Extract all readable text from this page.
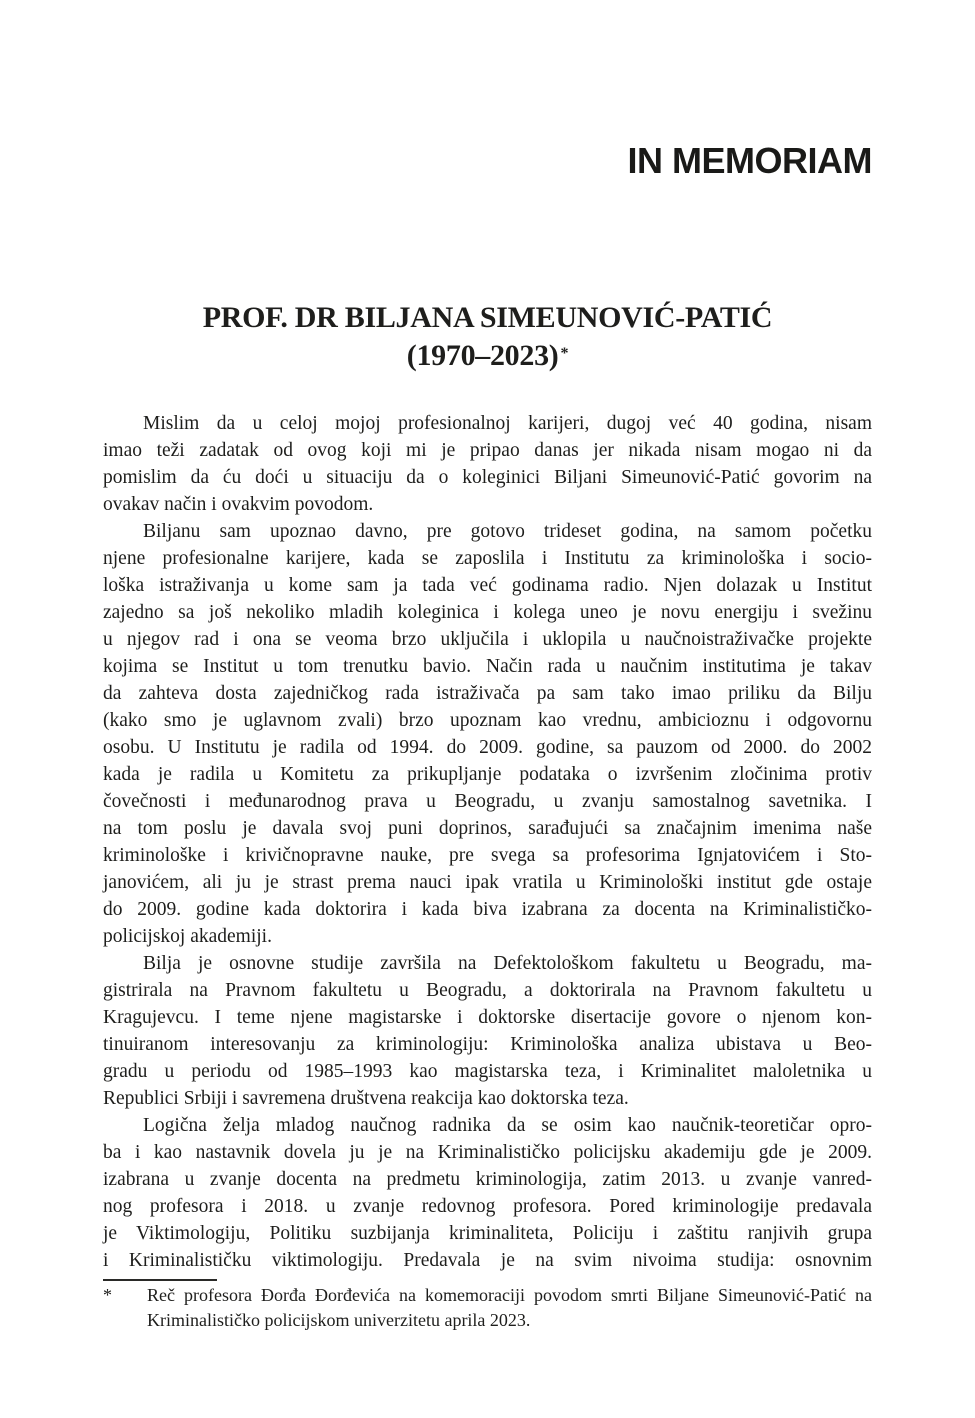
IN MEMORIAM
PROF. DR BILJANA SIMEUNOVIĆ-PATIĆ
(1970–2023) *
Mislim da u celoj mojoj profesionalnoj karijeri, dugoj već 40 godina, nisam
imao teži zadatak od ovog koji mi je pripao danas jer nikada nisam mogao ni da
pomislim da ću doći u situaciju da o koleginici Biljani Simeunović-Patić govorim na
ovakav način i ovakvim povodom.
Biljanu sam upoznao davno, pre gotovo trideset godina, na samom početku
njene profesionalne karijere, kada se zaposlila i Institutu za kriminološka i socio-
loška istraživanja u kome sam ja tada već godinama radio. Njen dolazak u Institut
zajedno sa još nekoliko mladih koleginica i kolega uneo je novu energiju i svežinu
u njegov rad i ona se veoma brzo uključila i uklopila u naučnoistraživačke projekte
kojima se Institut u tom trenutku bavio. Način rada u naučnim institutima je takav
da zahteva dosta zajedničkog rada istraživača pa sam tako imao priliku da Bilju
(kako smo je uglavnom zvali) brzo upoznam kao vrednu, ambicioznu i odgovornu
osobu. U Institutu je radila od 1994. do 2009. godine, sa pauzom od 2000. do 2002
kada je radila u Komitetu za prikupljanje podataka o izvršenim zločinima protiv
čovečnosti i međunarodnog prava u Beogradu, u zvanju samostalnog savetnika. I
na tom poslu je davala svoj puni doprinos, sarađujući sa značajnim imenima naše
kriminološke i krivičnopravne nauke, pre svega sa profesorima Ignjatovićem i Sto-
janovićem, ali ju je strast prema nauci ipak vratila u Kriminološki institut gde ostaje
do 2009. godine kada doktorira i kada biva izabrana za docenta na Kriminalističko-
policijskoj akademiji.
Bilja je osnovne studije završila na Defektološkom fakultetu u Beogradu, ma-
gistrirala na Pravnom fakultetu u Beogradu, a doktorirala na Pravnom fakultetu u
Kragujevcu. I teme njene magistarske i doktorske disertacije govore o njenom kon-
tinuiranom interesovanju za kriminologiju: Kriminološka analiza ubistava u Beo-
gradu u periodu od 1985–1993 kao magistarska teza, i Kriminalitet maloletnika u
Republici Srbiji i savremena društvena reakcija kao doktorska teza.
Logična želja mladog naučnog radnika da se osim kao naučnik-teoretičar opro-
ba i kao nastavnik dovela ju je na Kriminalističko policijsku akademiju gde je 2009.
izabrana u zvanje docenta na predmetu kriminologija, zatim 2013. u zvanje vanred-
nog profesora i 2018. u zvanje redovnog profesora. Pored kriminologije predavala
je Viktimologiju, Politiku suzbijanja kriminaliteta, Policiju i zaštitu ranjivih grupa
i Kriminalističku viktimologiju. Predavala je na svim nivoima studija: osnovnim
* Reč profesora Đorđa Đorđevića na komemoraciji povodom smrti Biljane Simeunović-Patić na
Kriminalističko policijskom univerzitetu aprila 2023.
